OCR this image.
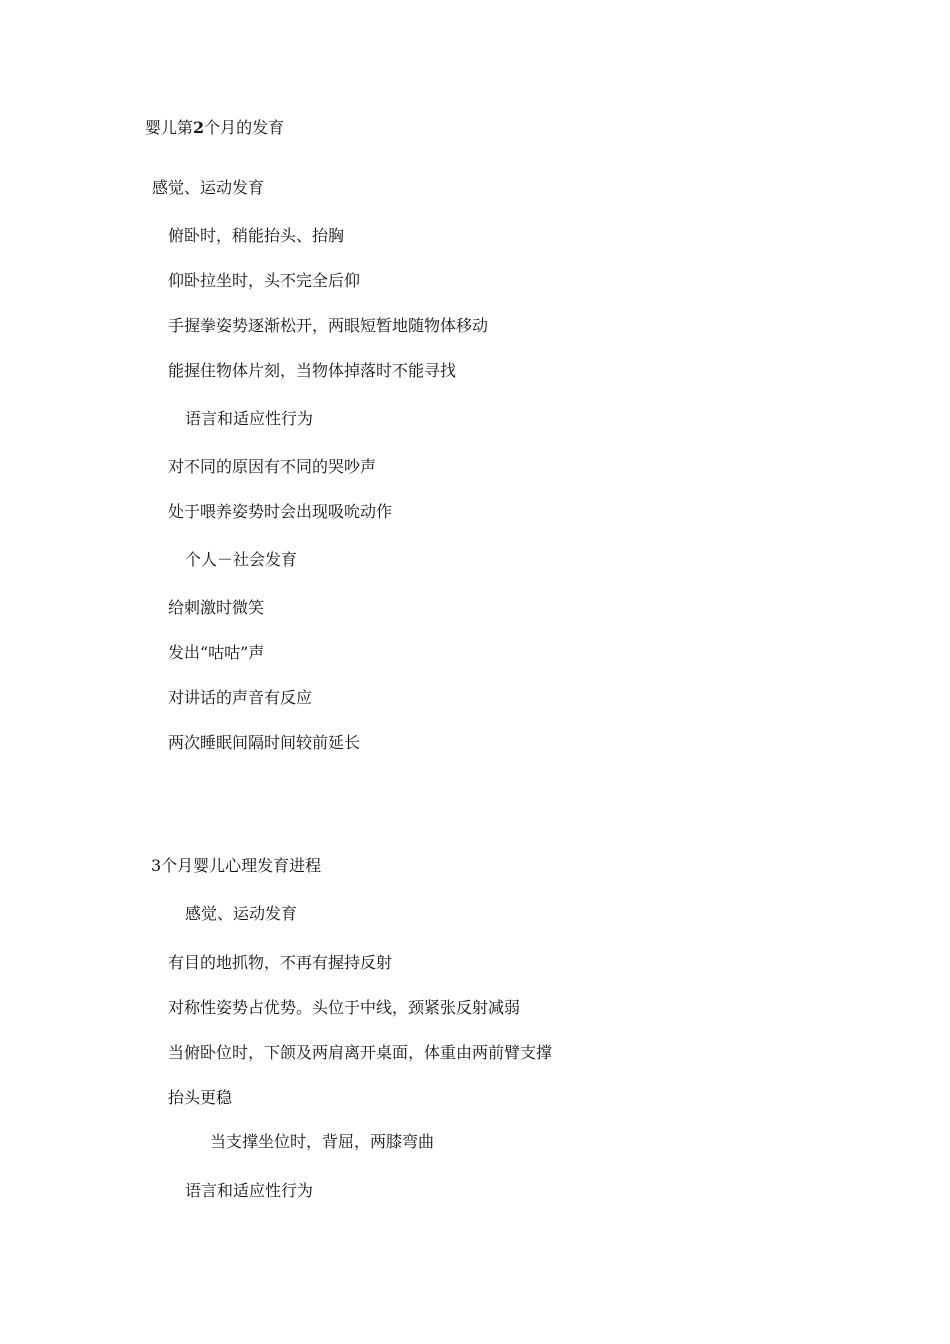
婴儿第2个月的发育
感觉、运动发育

俯卧时，稍能抬头、抬胸

仰卧拉坐时，头不完全后仰

手握拳姿势逐渐松开，两眼短暂地随物体移动

能握住物体片刻，当物体掉落时不能寻找

语言和适应性行为

对不同的原因有不同的哭吵声

处于喂养姿势时会出现吸吮动作

个人－社会发育

给刺激时微笑

发出“咕咕”声

对讲话的声音有反应

两次睡眠间隔时间较前延长

3个月婴儿心理发育进程
感觉、运动发育

有目的地抓物，不再有握持反射

对称性姿势占优势。头位于中线，颈紧张反射减弱

当俯卧位时，下颌及两肩离开桌面，体重由两前臂支撑

抬头更稳

当支撑坐位时，背屈，两膝弯曲

语言和适应性行为
